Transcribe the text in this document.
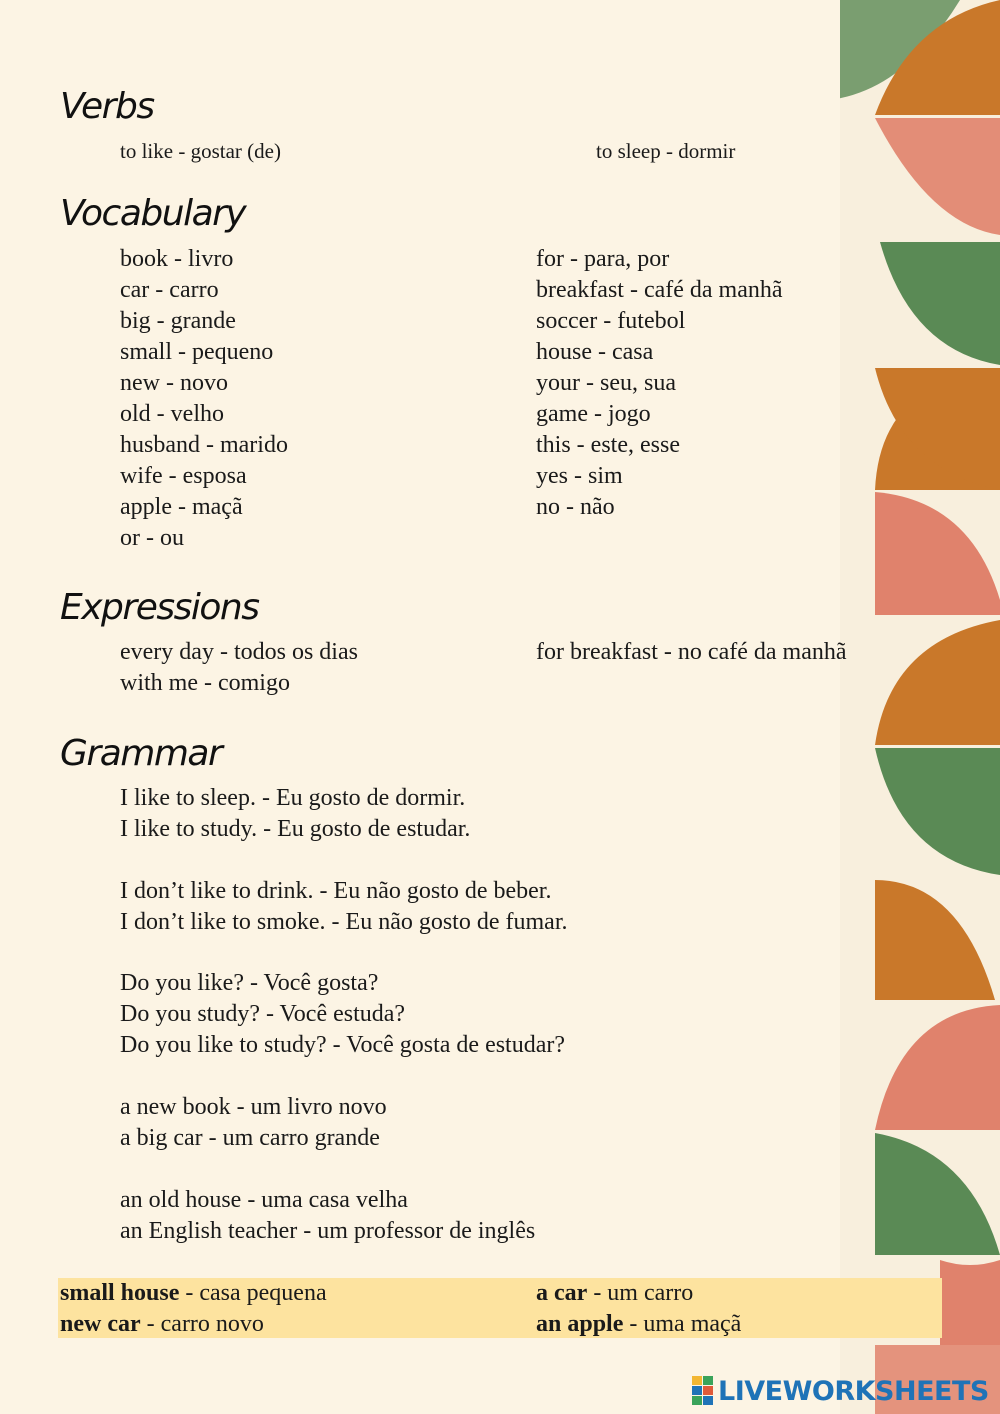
Verbs
to like - gostar (de)	to sleep - dormir
Vocabulary
book - livro
car - carro
big - grande
small - pequeno
new - novo
old - velho
husband - marido
wife - esposa
apple - maçã
or - ou
for - para, por
breakfast - café da manhã
soccer - futebol
house - casa
your - seu, sua
game - jogo
this - este, esse
yes - sim
no - não
Expressions
every day - todos os dias
with me - comigo
for breakfast - no café da manhã
Grammar
I like to sleep. - Eu gosto de dormir.
I like to study. - Eu gosto de estudar.
I don’t like to drink. - Eu não gosto de beber.
I don’t like to smoke. - Eu não gosto de fumar.
Do you like? - Você gosta?
Do you study? - Você estuda?
Do you like to study? - Você gosta de estudar?
a new book - um livro novo
a big car - um carro grande
an old house - uma casa velha
an English teacher - um professor de inglês
small house - casa pequena	a car - um carro
new car - carro novo	an apple - uma maçã
LIVEWORKSHEETS
